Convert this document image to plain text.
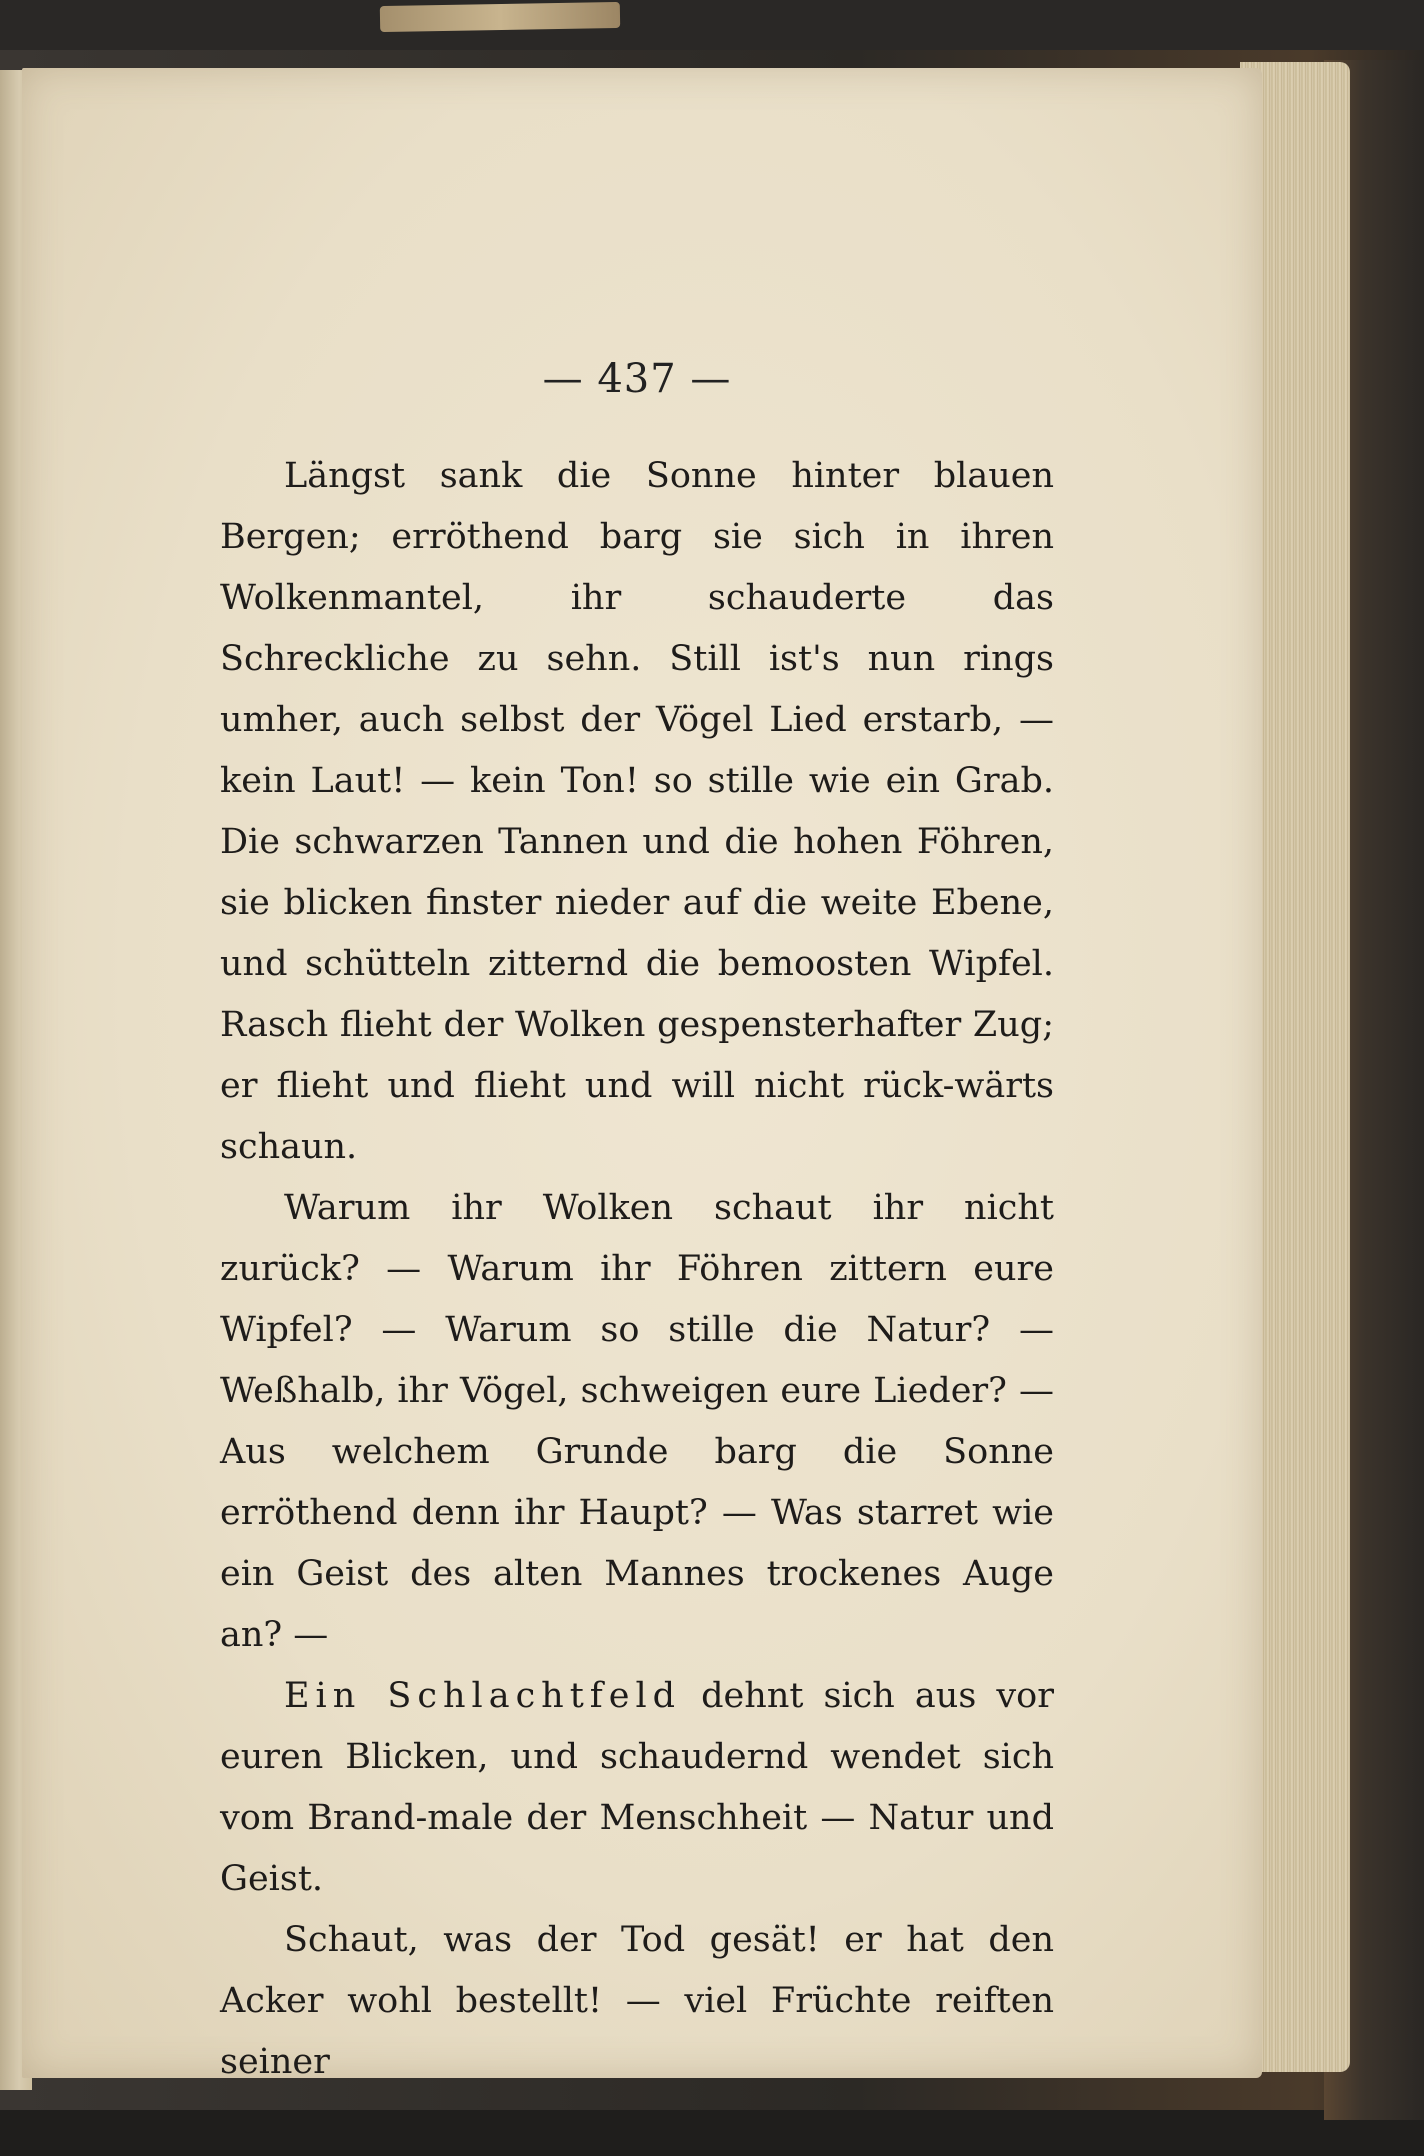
— 437 —

Längst sank die Sonne hinter blauen Bergen; erröthend barg sie sich in ihren Wolkenmantel, ihr schauderte das Schreckliche zu sehn. Still ist's nun rings umher, auch selbst der Vögel Lied erstarb, — kein Laut! — kein Ton! so stille wie ein Grab. Die schwarzen Tannen und die hohen Föhren, sie blicken finster nieder auf die weite Ebene, und schütteln zitternd die bemoosten Wipfel. Rasch flieht der Wolken gespensterhafter Zug; er flieht und flieht und will nicht rück-wärts schaun.

Warum ihr Wolken schaut ihr nicht zurück? — Warum ihr Föhren zittern eure Wipfel? — Warum so stille die Natur? — Weßhalb, ihr Vögel, schweigen eure Lieder? — Aus welchem Grunde barg die Sonne erröthend denn ihr Haupt? — Was starret wie ein Geist des alten Mannes trockenes Auge an? —

Ein Schlachtfeld dehnt sich aus vor euren Blicken, und schaudernd wendet sich vom Brand-male der Menschheit — Natur und Geist.

Schaut, was der Tod gesät! er hat den Acker wohl bestellt! — viel Früchte reiften seiner
